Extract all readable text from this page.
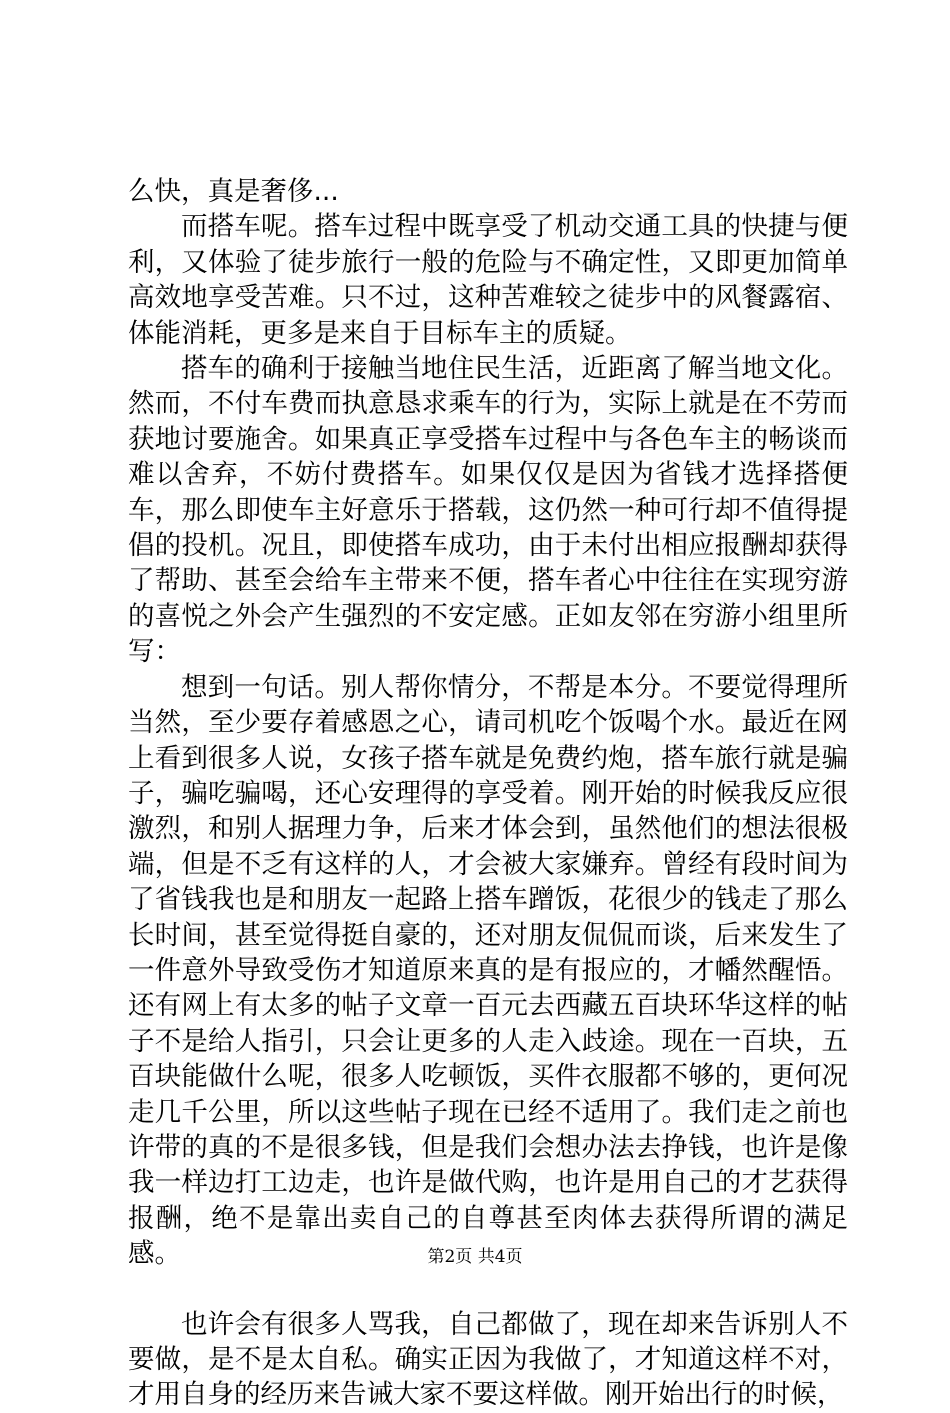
么快，真是奢侈...

而搭车呢。搭车过程中既享受了机动交通工具的快捷与便利，又体验了徒步旅行一般的危险与不确定性，又即更加简单高效地享受苦难。只不过，这种苦难较之徒步中的风餐露宿、体能消耗，更多是来自于目标车主的质疑。

搭车的确利于接触当地住民生活，近距离了解当地文化。然而，不付车费而执意恳求乘车的行为，实际上就是在不劳而获地讨要施舍。如果真正享受搭车过程中与各色车主的畅谈而难以舍弃，不妨付费搭车。如果仅仅是因为省钱才选择搭便车，那么即使车主好意乐于搭载，这仍然一种可行却不值得提倡的投机。况且，即使搭车成功，由于未付出相应报酬却获得了帮助、甚至会给车主带来不便，搭车者心中往往在实现穷游的喜悦之外会产生强烈的不安定感。正如友邻在穷游小组里所写：

想到一句话。别人帮你情分，不帮是本分。不要觉得理所当然，至少要存着感恩之心，请司机吃个饭喝个水。最近在网上看到很多人说，女孩子搭车就是免费约炮，搭车旅行就是骗子，骗吃骗喝，还心安理得的享受着。刚开始的时候我反应很激烈，和别人据理力争，后来才体会到，虽然他们的想法很极端，但是不乏有这样的人，才会被大家嫌弃。曾经有段时间为了省钱我也是和朋友一起路上搭车蹭饭，花很少的钱走了那么长时间，甚至觉得挺自豪的，还对朋友侃侃而谈，后来发生了一件意外导致受伤才知道原来真的是有报应的，才幡然醒悟。还有网上有太多的帖子文章一百元去西藏五百块环华这样的帖子不是给人指引，只会让更多的人走入歧途。现在一百块，五百块能做什么呢，很多人吃顿饭，买件衣服都不够的，更何况走几千公里，所以这些帖子现在已经不适用了。我们走之前也许带的真的不是很多钱，但是我们会想办法去挣钱，也许是像我一样边打工边走，也许是做代购，也许是用自己的才艺获得报酬，绝不是靠出卖自己的自尊甚至肉体去获得所谓的满足感。

也许会有很多人骂我，自己都做了，现在却来告诉别人不要做，是不是太自私。确实正因为我做了，才知道这样不对，才用自身的经历来告诫大家不要这样做。刚开始出行的时候，

第2页 共4页
